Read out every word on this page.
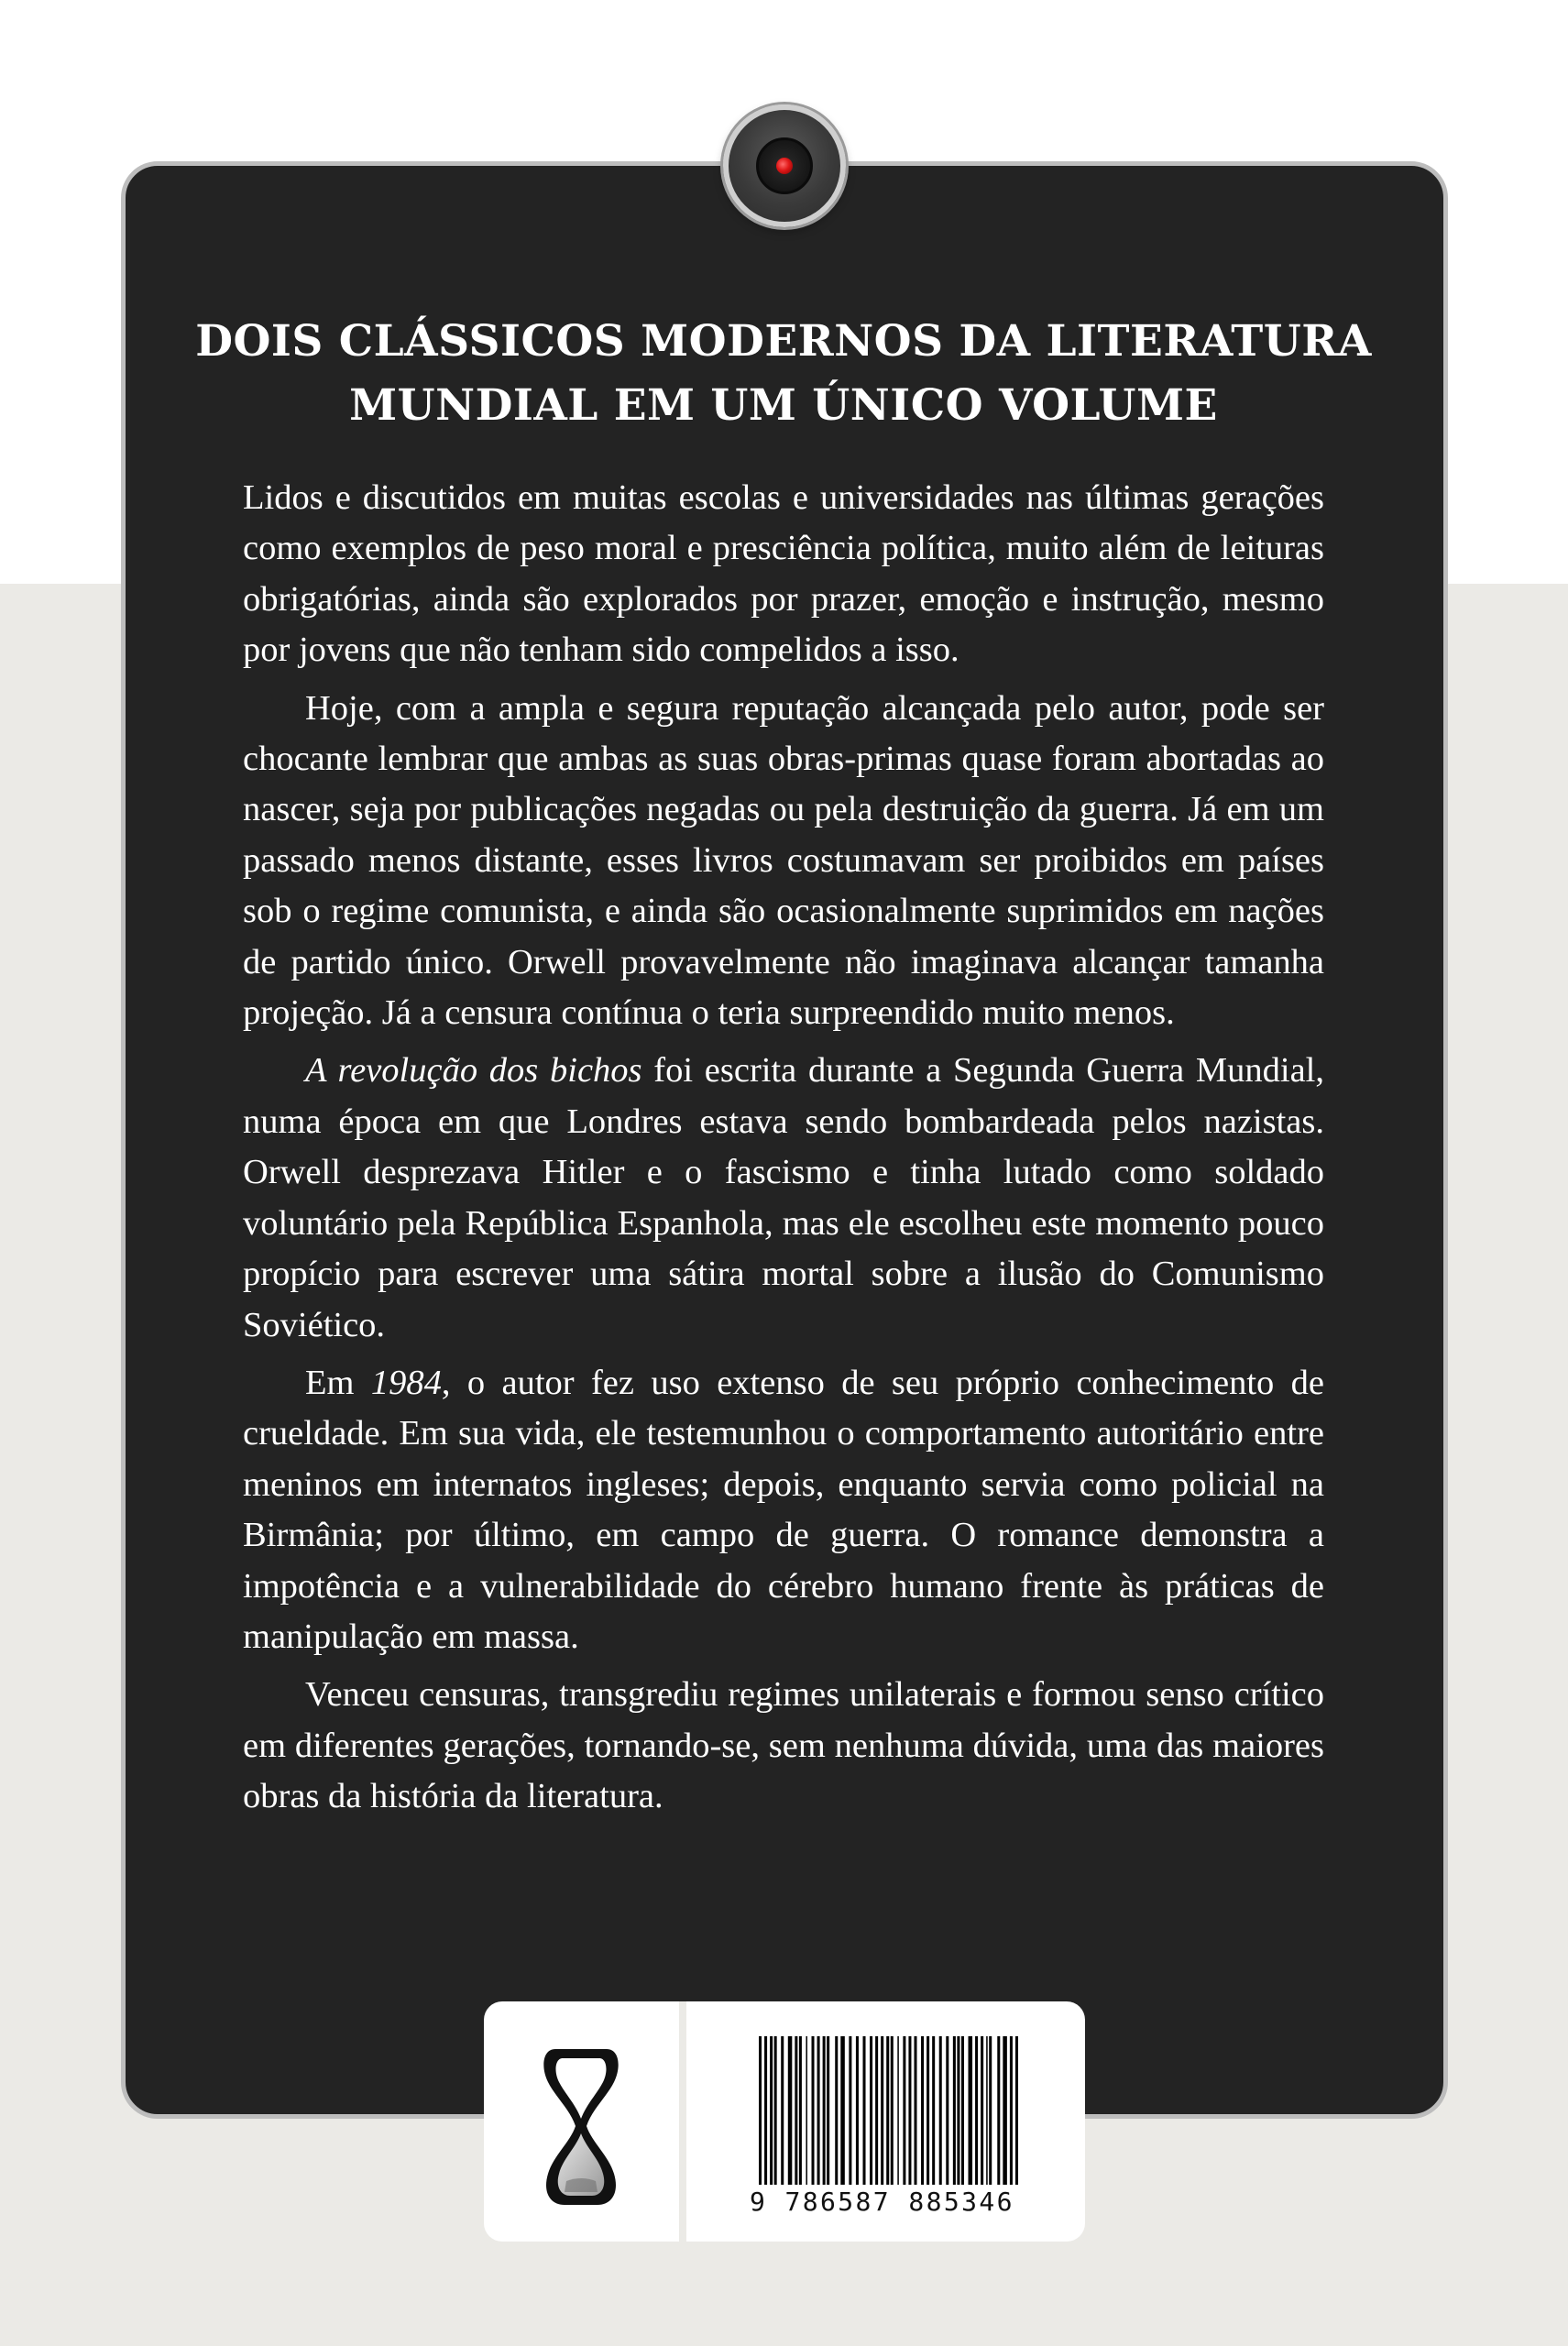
DOIS CLÁSSICOS MODERNOS DA LITERATURA
MUNDIAL EM UM ÚNICO VOLUME

Lidos e discutidos em muitas escolas e universidades nas últimas gerações como exemplos de peso moral e presciência política, muito além de leituras obrigatórias, ainda são explorados por prazer, emoção e instrução, mesmo por jovens que não tenham sido compelidos a isso.

Hoje, com a ampla e segura reputação alcançada pelo autor, pode ser chocante lembrar que ambas as suas obras-primas quase foram abortadas ao nascer, seja por publicações negadas ou pela destruição da guerra. Já em um passado menos distante, esses livros costumavam ser proibidos em países sob o regime comunista, e ainda são ocasionalmente suprimidos em nações de partido único. Orwell provavelmente não imaginava alcançar tamanha projeção. Já a censura contínua o teria surpreendido muito menos.

A revolução dos bichos foi escrita durante a Segunda Guerra Mundial, numa época em que Londres estava sendo bombardeada pelos nazistas. Orwell desprezava Hitler e o fascismo e tinha lutado como soldado voluntário pela República Espanhola, mas ele escolheu este momento pouco propício para escrever uma sátira mortal sobre a ilusão do Comunismo Soviético.

Em 1984, o autor fez uso extenso de seu próprio conhecimento de crueldade. Em sua vida, ele testemunhou o comportamento autoritário entre meninos em internatos ingleses; depois, enquanto servia como policial na Birmânia; por último, em campo de guerra. O romance demonstra a impotência e a vulnerabilidade do cérebro humano frente às práticas de manipulação em massa.

Venceu censuras, transgrediu regimes unilaterais e formou senso crítico em diferentes gerações, tornando-se, sem nenhuma dúvida, uma das maiores obras da história da literatura.

9 786587 885346
